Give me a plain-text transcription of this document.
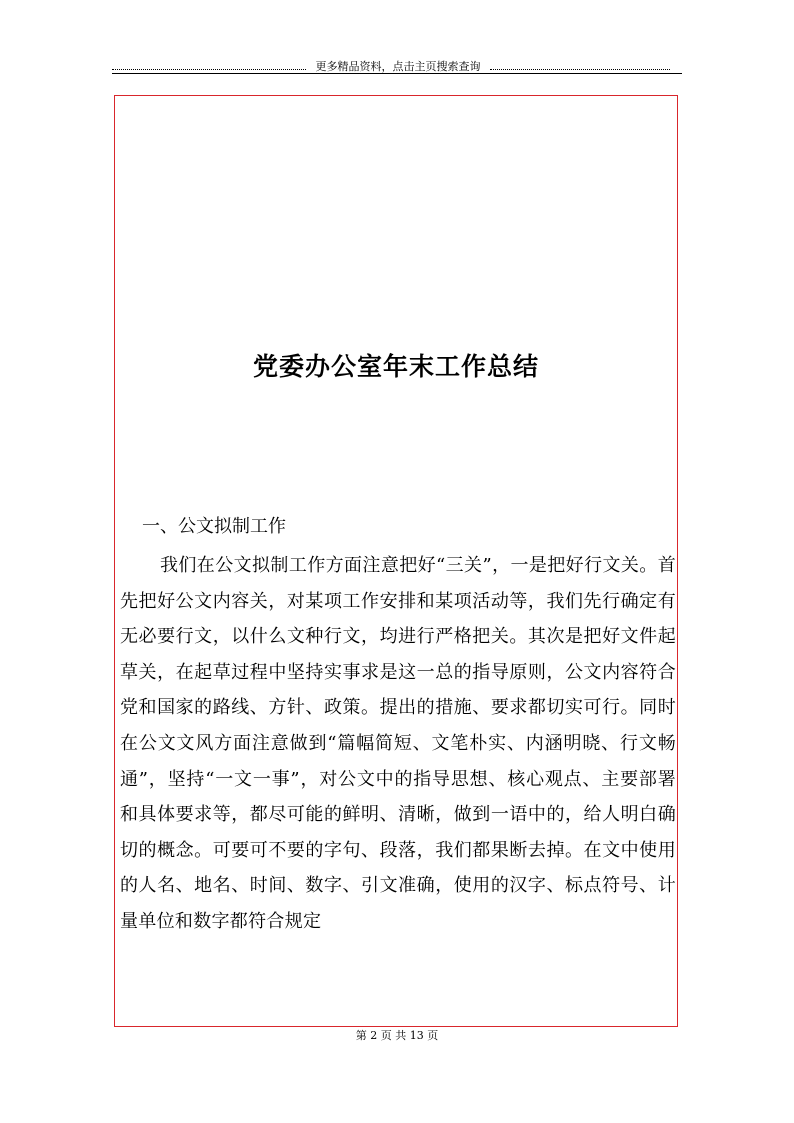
更多精品资料，点击主页搜索查询
党委办公室年末工作总结
一、公文拟制工作

我们在公文拟制工作方面注意把好“三关”，一是把好行文关。首先把好公文内容关，对某项工作安排和某项活动等，我们先行确定有无必要行文，以什么文种行文，均进行严格把关。其次是把好文件起草关，在起草过程中坚持实事求是这一总的指导原则，公文内容符合党和国家的路线、方针、政策。提出的措施、要求都切实可行。同时在公文文风方面注意做到“篇幅简短、文笔朴实、内涵明晓、行文畅通”，坚持“一文一事”，对公文中的指导思想、核心观点、主要部署和具体要求等，都尽可能的鲜明、清晰，做到一语中的，给人明白确切的概念。可要可不要的字句、段落，我们都果断去掉。在文中使用的人名、地名、时间、数字、引文准确，使用的汉字、标点符号、计量单位和数字都符合规定

第 2 页 共 13 页
